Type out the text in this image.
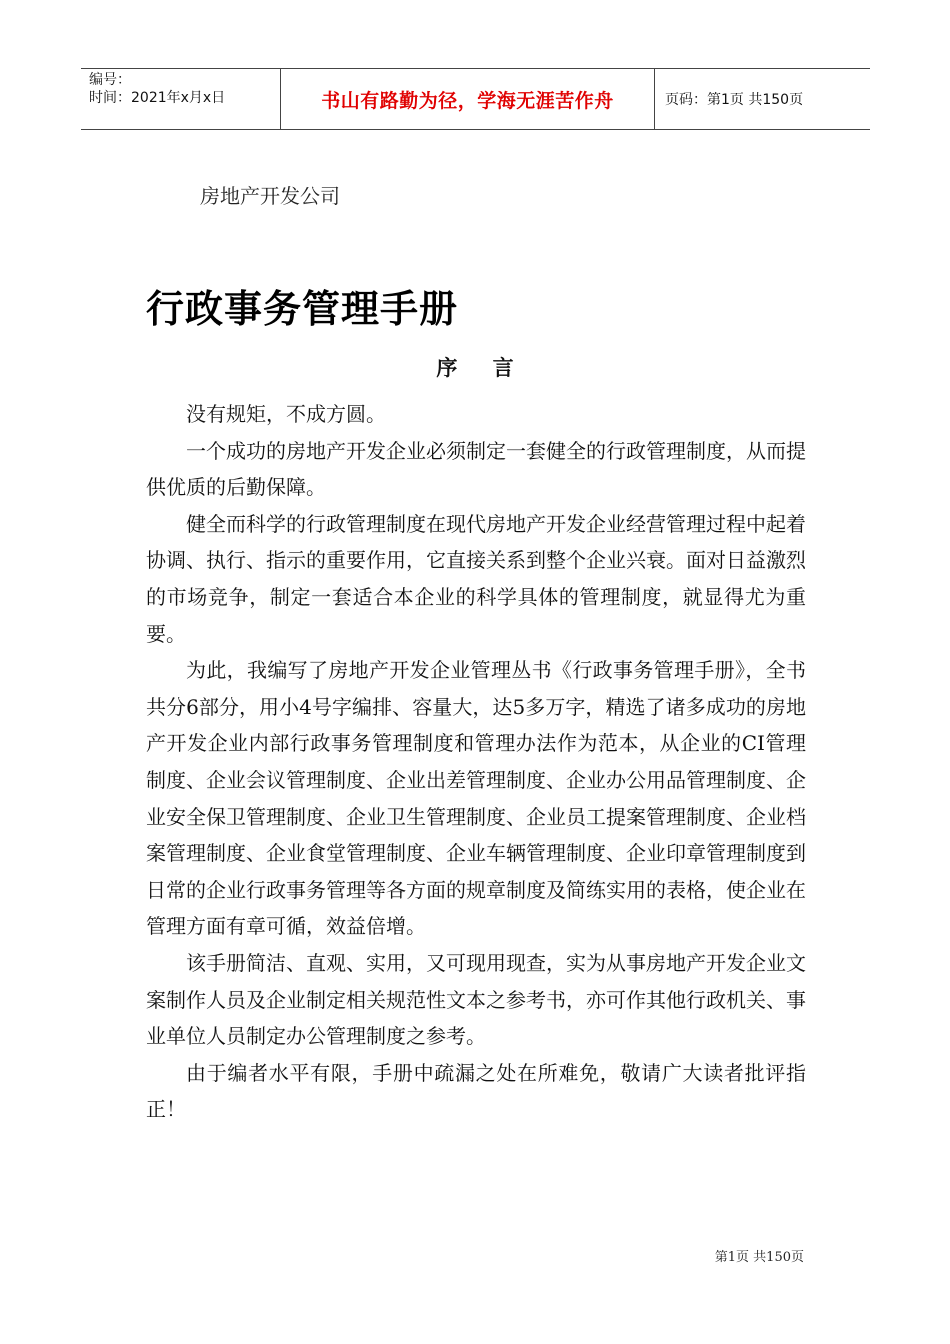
编号：
时间：2021年x月x日	书山有路勤为径，学海无涯苦作舟	页码：第1页 共150页
房地产开发公司
行政事务管理手册
序 言

没有规矩，不成方圆。

一个成功的房地产开发企业必须制定一套健全的行政管理制度，从而提供优质的后勤保障。

健全而科学的行政管理制度在现代房地产开发企业经营管理过程中起着协调、执行、指示的重要作用，它直接关系到整个企业兴衰。面对日益激烈的市场竞争，制定一套适合本企业的科学具体的管理制度，就显得尤为重要。

为此，我编写了房地产开发企业管理丛书《行政事务管理手册》，全书共分6部分，用小4号字编排、容量大，达5多万字，精选了诸多成功的房地产开发企业内部行政事务管理制度和管理办法作为范本，从企业的CI管理制度、企业会议管理制度、企业出差管理制度、企业办公用品管理制度、企业安全保卫管理制度、企业卫生管理制度、企业员工提案管理制度、企业档案管理制度、企业食堂管理制度、企业车辆管理制度、企业印章管理制度到日常的企业行政事务管理等各方面的规章制度及简练实用的表格，使企业在管理方面有章可循，效益倍增。

该手册简洁、直观、实用，又可现用现查，实为从事房地产开发企业文案制作人员及企业制定相关规范性文本之参考书，亦可作其他行政机关、事业单位人员制定办公管理制度之参考。

由于编者水平有限，手册中疏漏之处在所难免，敬请广大读者批评指正！

第1页 共150页
